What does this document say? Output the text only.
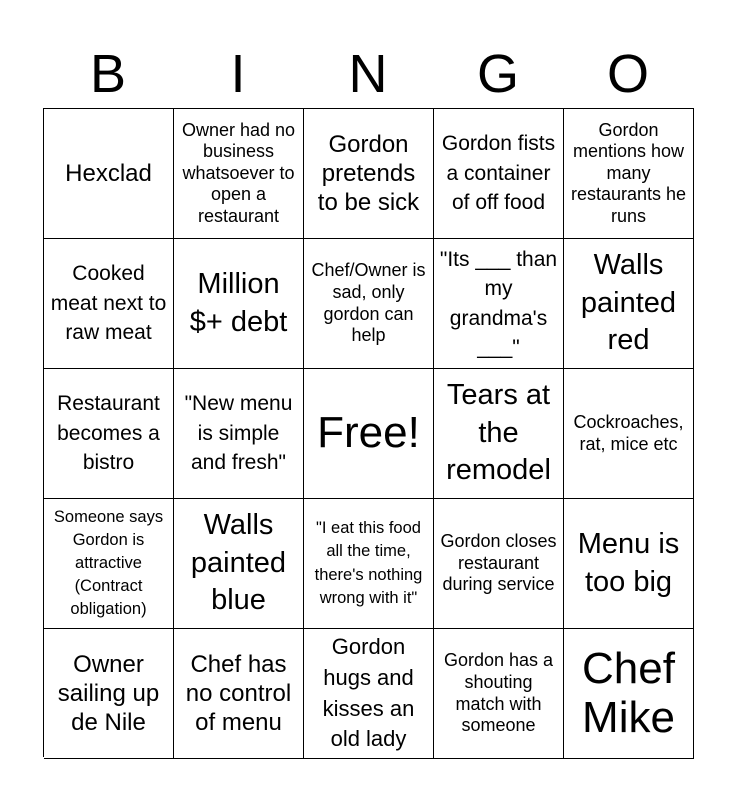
B	I	N	G	O
Hexclad
Owner had no business whatsoever to open a restaurant
Gordon pretends to be sick
Gordon fists a container of off food
Gordon mentions how many restaurants he runs
Cooked meat next to raw meat
Million $+ debt
Chef/Owner is sad, only gordon can help
"Its ___ than my grandma's ___"
Walls painted red
Restaurant becomes a bistro
"New menu is simple and fresh"
Free!
Tears at the remodel
Cockroaches, rat, mice etc
Someone says Gordon is attractive (Contract obligation)
Walls painted blue
"I eat this food all the time, there's nothing wrong with it"
Gordon closes restaurant during service
Menu is too big
Owner sailing up de Nile
Chef has no control of menu
Gordon hugs and kisses an old lady
Gordon has a shouting match with someone
Chef Mike
